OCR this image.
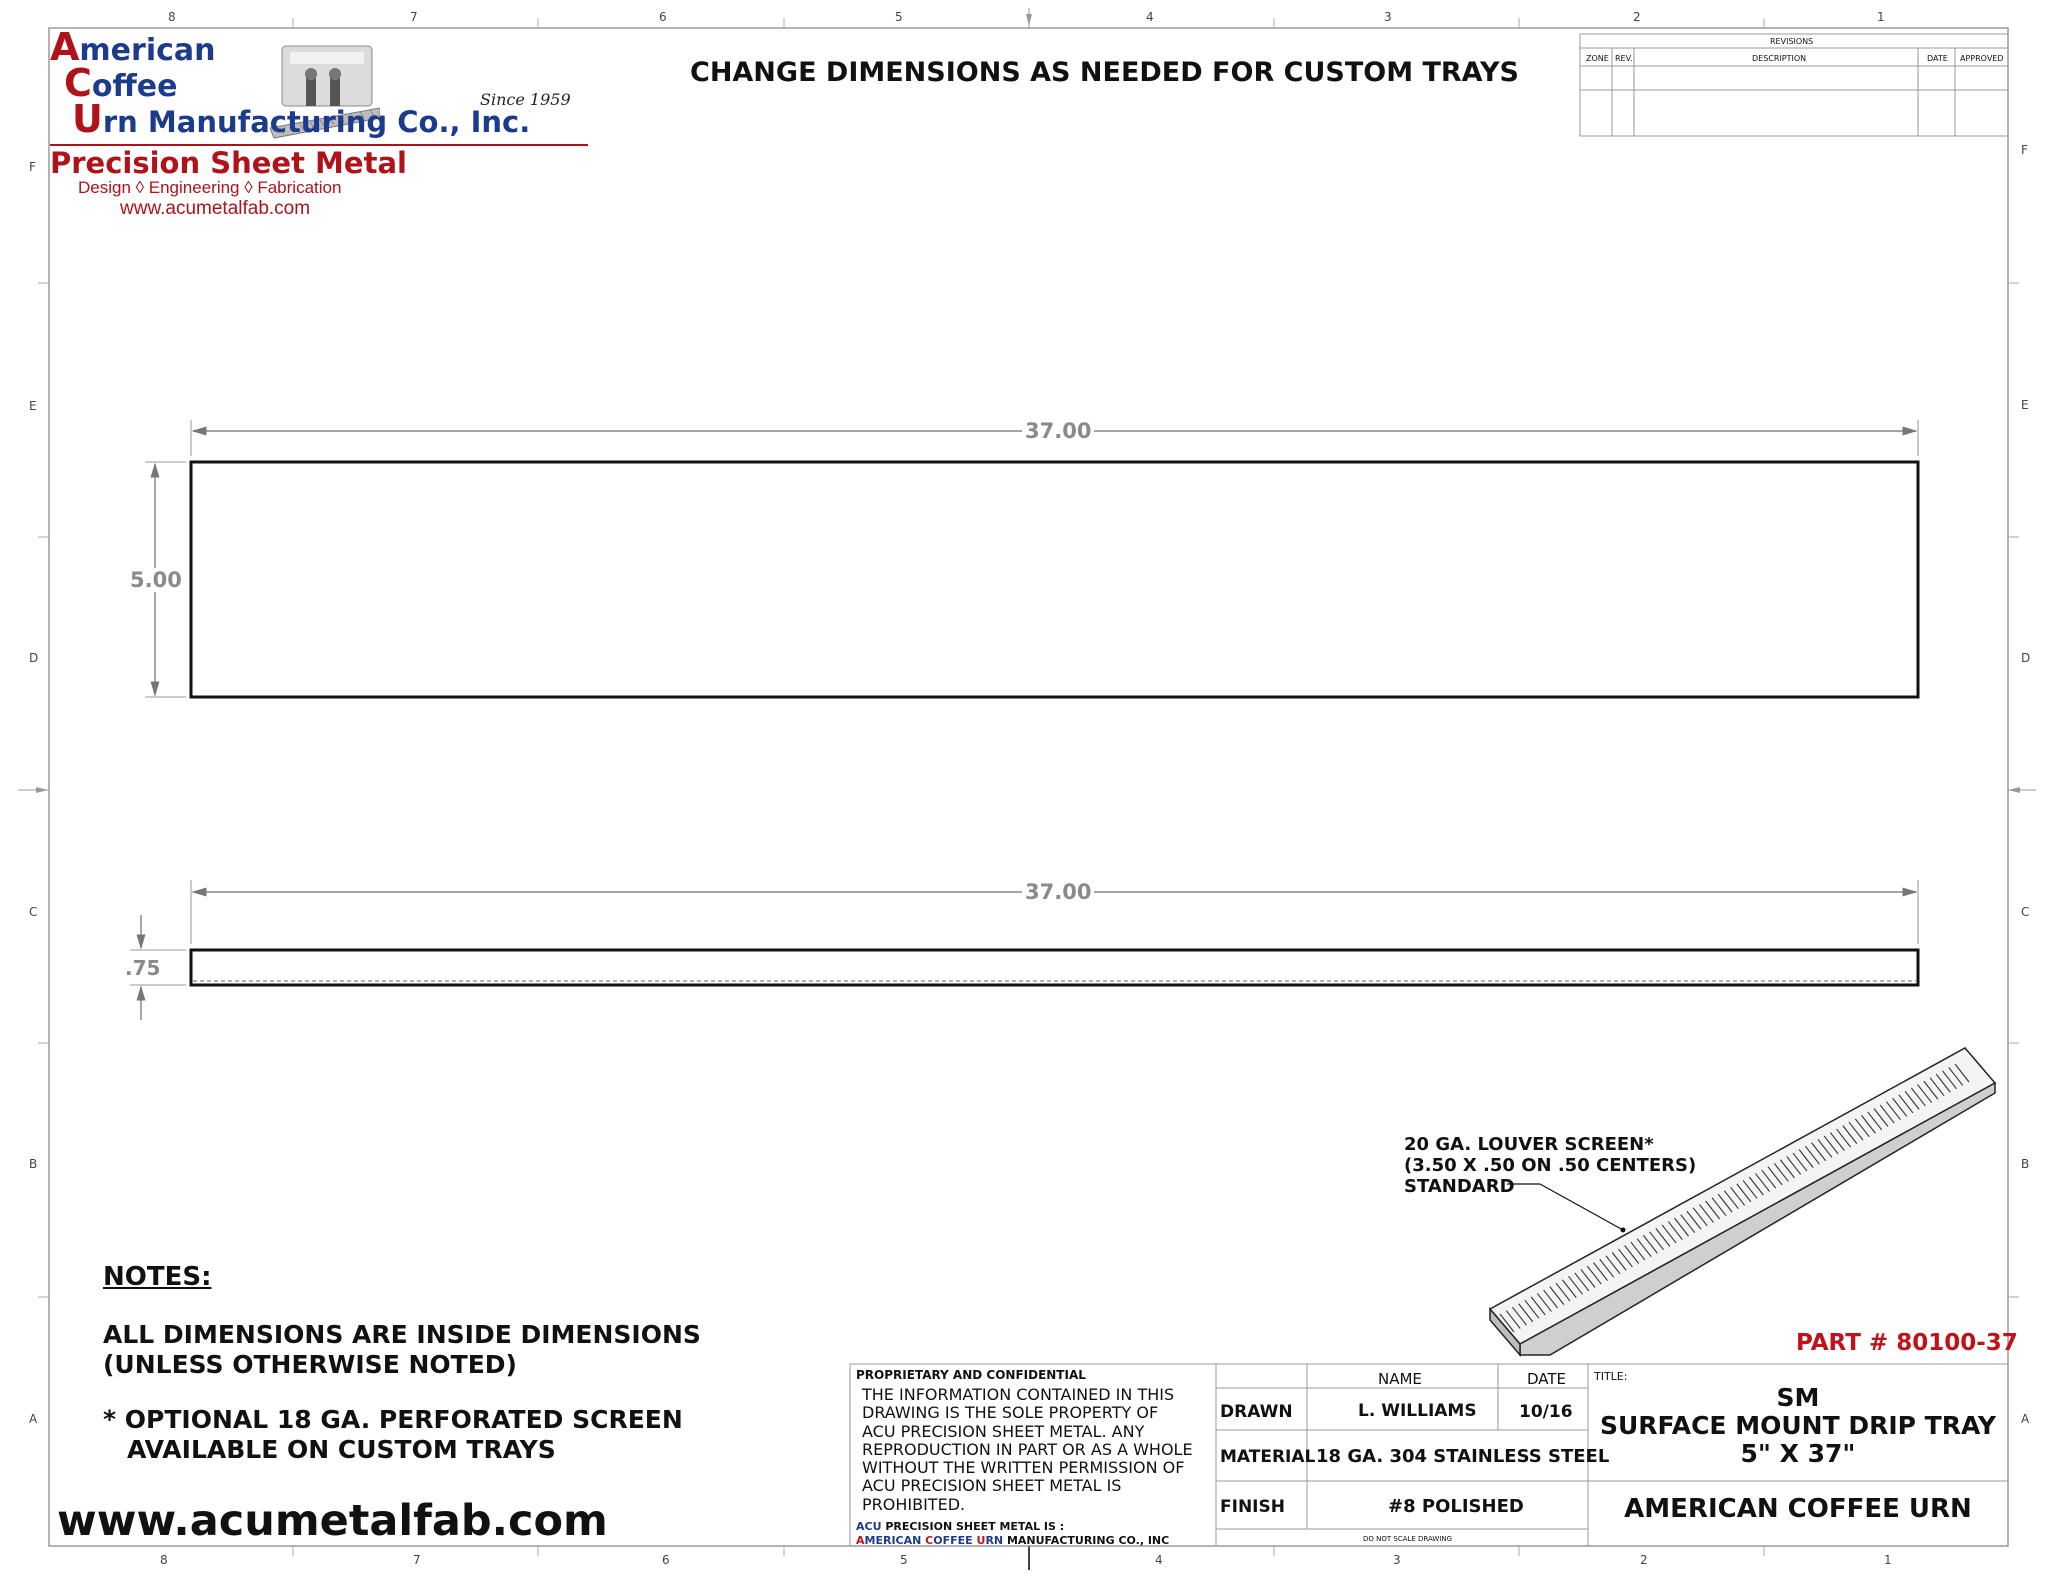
8	7	6	5	4	3	2	1
8	7	6	5	4	3	2	1
F
E
D
C
B
A
F
E
D
C
B
A
American
Coffee
Urn Manufacturing Co., Inc.
Since 1959
Precision Sheet Metal
Design ◊ Engineering ◊ Fabrication
www.acumetalfab.com
CHANGE DIMENSIONS AS NEEDED FOR CUSTOM TRAYS
REVISIONS
ZONE REV.	DESCRIPTION	DATE APPROVED
37.00
5.00
37.00
.75
20 GA. LOUVER SCREEN*
(3.50 X .50 ON .50 CENTERS)
STANDARD
PART # 80100-37
NOTES:
ALL DIMENSIONS ARE INSIDE DIMENSIONS
(UNLESS OTHERWISE NOTED)
* OPTIONAL 18 GA. PERFORATED SCREEN
AVAILABLE ON CUSTOM TRAYS
www.acumetalfab.com
PROPRIETARY AND CONFIDENTIAL
THE INFORMATION CONTAINED IN THIS
DRAWING IS THE SOLE PROPERTY OF
ACU PRECISION SHEET METAL. ANY
REPRODUCTION IN PART OR AS A WHOLE
WITHOUT THE WRITTEN PERMISSION OF
ACU PRECISION SHEET METAL IS
PROHIBITED.
ACU PRECISION SHEET METAL IS :
AMERICAN COFFEE URN MANUFACTURING CO., INC
NAME	DATE
DRAWN	L. WILLIAMS 10/16
MATERIAL 18 GA. 304 STAINLESS STEEL
FINISH	#8 POLISHED
DO NOT SCALE DRAWING
TITLE:
SM
SURFACE MOUNT DRIP TRAY
5" X 37"
AMERICAN COFFEE URN
